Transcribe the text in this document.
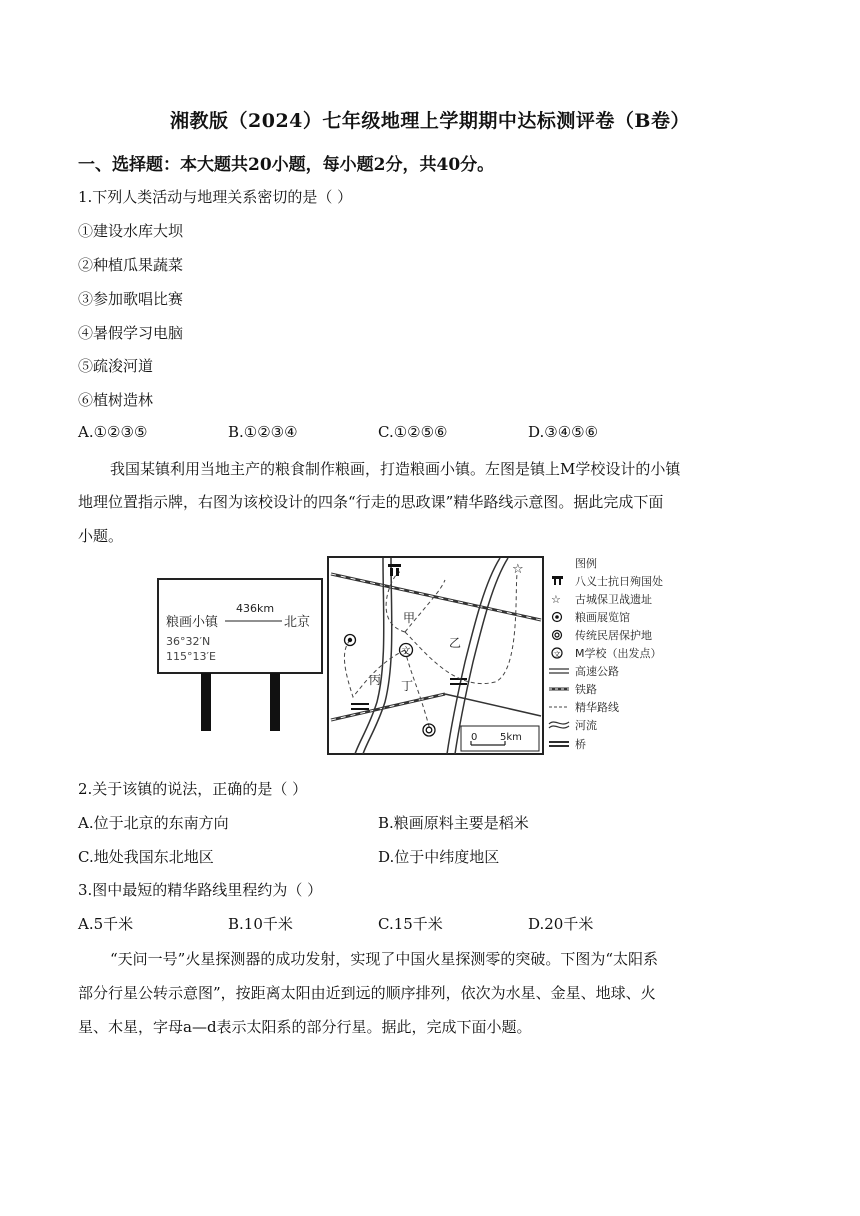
湘教版（2024）七年级地理上学期期中达标测评卷（B卷）
一、选择题：本大题共20小题，每小题2分，共40分。
1.下列人类活动与地理关系密切的是（ ）
①建设水库大坝
②种植瓜果蔬菜
③参加歌唱比赛
④暑假学习电脑
⑤疏浚河道
⑥植树造林
A.①②③⑤	B.①②③④	C.①②⑤⑥	D.③④⑤⑥
我国某镇利用当地主产的粮食制作粮画，打造粮画小镇。左图是镇上M学校设计的小镇
地理位置指示牌，右图为该校设计的四条“行走的思政课”精华路线示意图。据此完成下面
小题。
粮画小镇
436km
北京
36°32′N
115°13′E
☆
文
甲
乙
丙 丁
0 5km
图例
八义士抗日殉国处
☆ 古城保卫战遗址
粮画展览馆
传统民居保护地
文 M学校（出发点）
高速公路
铁路
精华路线
河流
桥
2.关于该镇的说法，正确的是（ ）
A.位于北京的东南方向	B.粮画原料主要是稻米
C.地处我国东北地区	D.位于中纬度地区
3.图中最短的精华路线里程约为（ ）
A.5千米	B.10千米	C.15千米	D.20千米
“天问一号”火星探测器的成功发射，实现了中国火星探测零的突破。下图为“太阳系
部分行星公转示意图”，按距离太阳由近到远的顺序排列，依次为水星、金星、地球、火
星、木星，字母a—d表示太阳系的部分行星。据此，完成下面小题。
